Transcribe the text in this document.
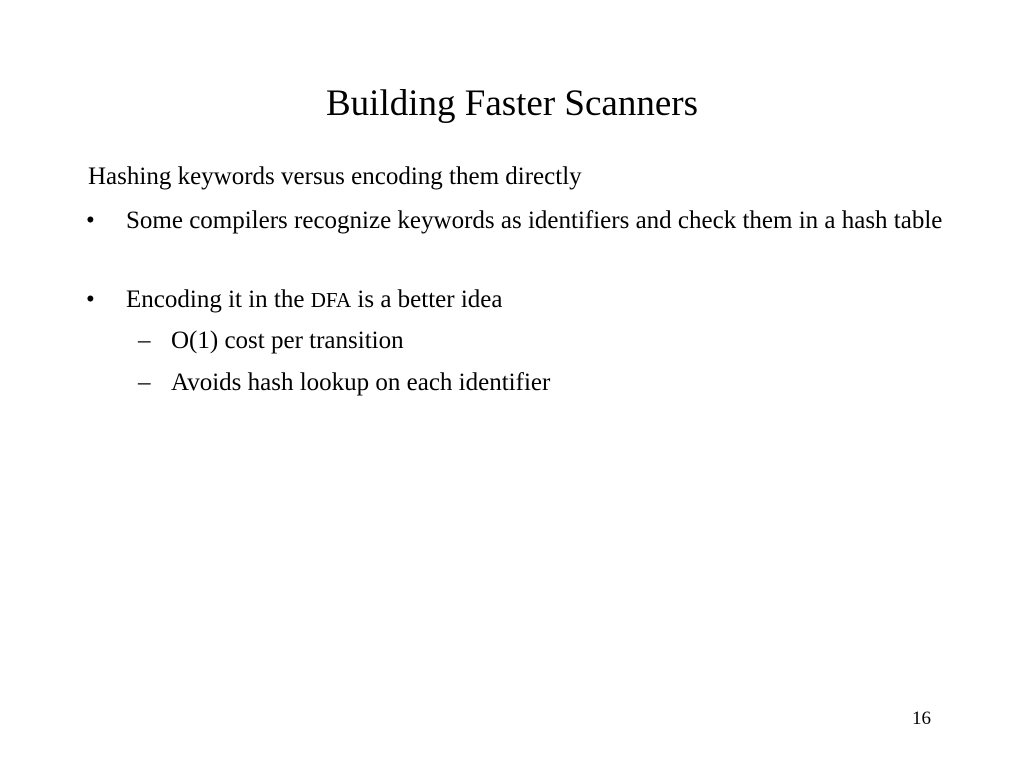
Building Faster Scanners
Hashing keywords versus encoding them directly
•	Some compilers recognize keywords as identifiers and check them in a hash table
•	Encoding it in the DFA is a better idea
– O(1) cost per transition
– Avoids hash lookup on each identifier
16
